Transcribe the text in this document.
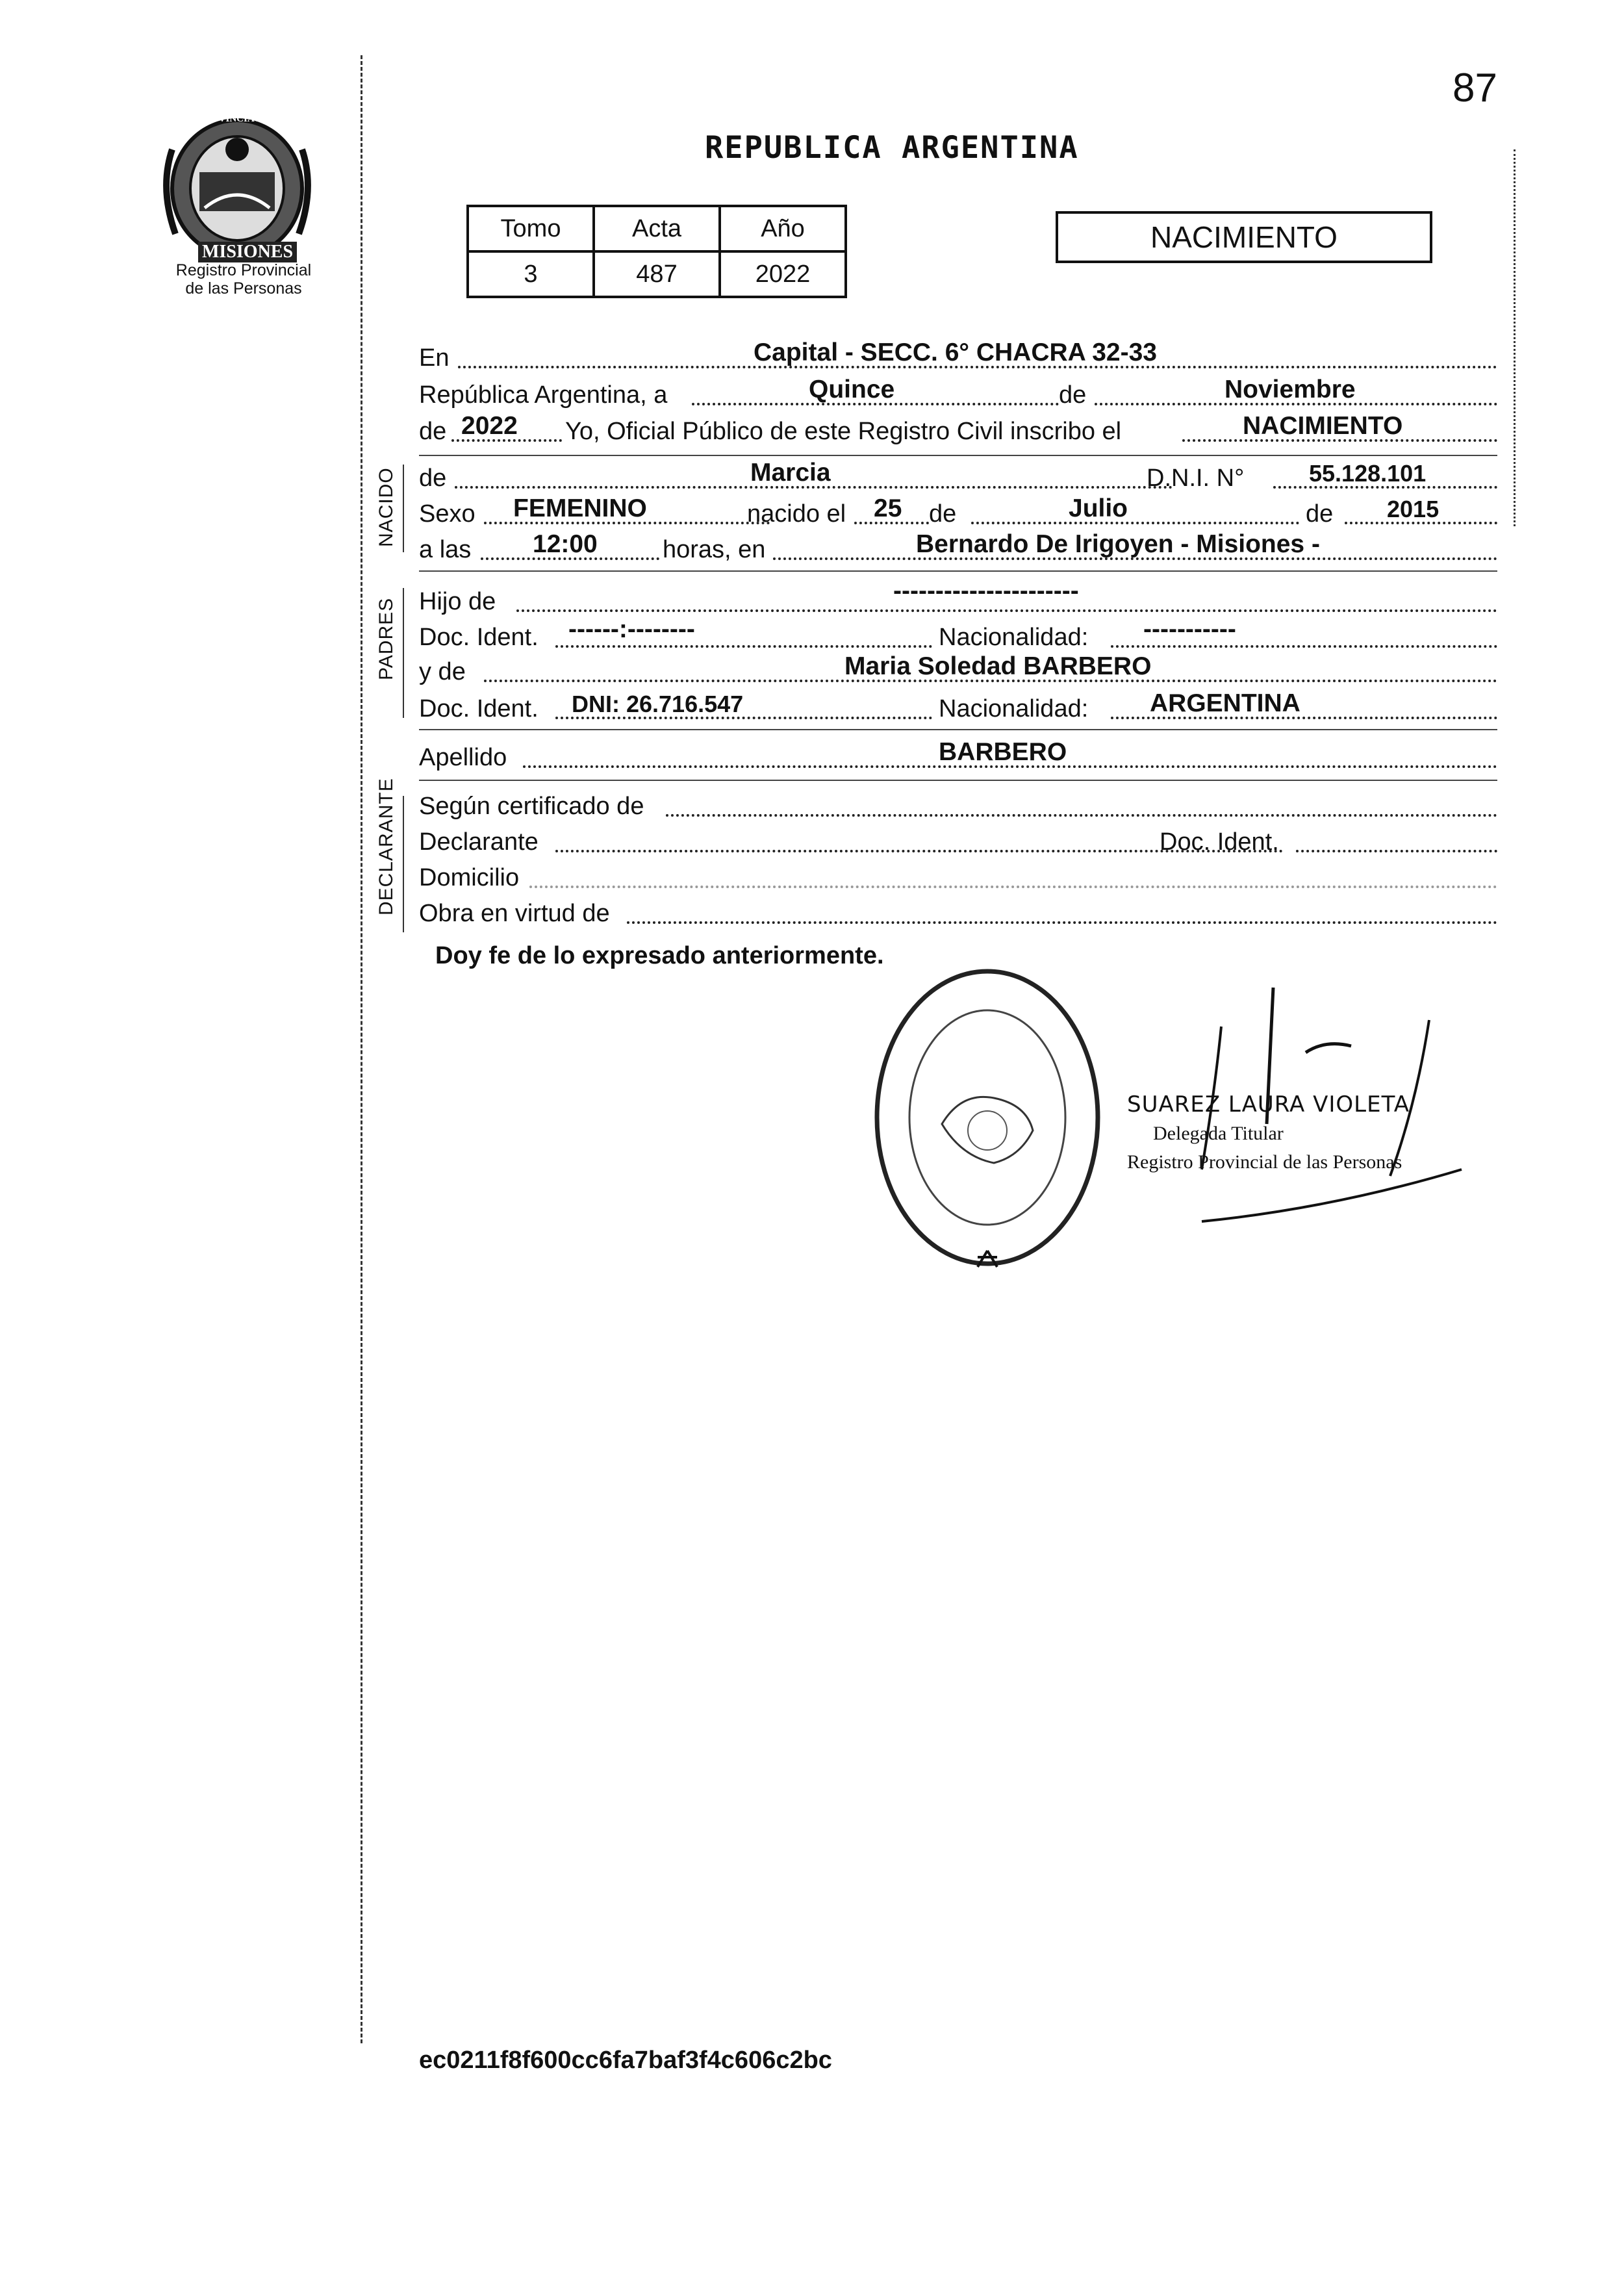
87
PROVINCIA DE
MISIONES
Registro Provincial
de las Personas
REPUBLICA ARGENTINA
Tomo	Acta	Año
3	487	2022
NACIMIENTO
En	Capital - SECC. 6° CHACRA 32-33
República Argentina, a	Quince	de	Noviembre
de 2022 Yo, Oficial Público de este Registro Civil inscribo el	NACIMIENTO
NACIDO de	Marcia	D.N.I. N°	55.128.101
Sexo FEMENINO	nacido el 25 de	Julio	de 2015
a las 12:00	horas, en	Bernardo De Irigoyen - Misiones -
PADRES Hijo de	----------------------
Doc. Ident. ------:--------	Nacionalidad: -----------
y de	Maria Soledad BARBERO
Doc. Ident. DNI: 26.716.547	Nacionalidad: ARGENTINA
Apellido	BARBERO
DECLARANTE Según certificado de
Declarante	Doc. Ident.
Domicilio
Obra en virtud de
Doy fe de lo expresado anteriormente.
SUAREZ LAURA VIOLETA
Delegada Titular
Registro Provincial de las Personas
ec0211f8f600cc6fa7baf3f4c606c2bc
